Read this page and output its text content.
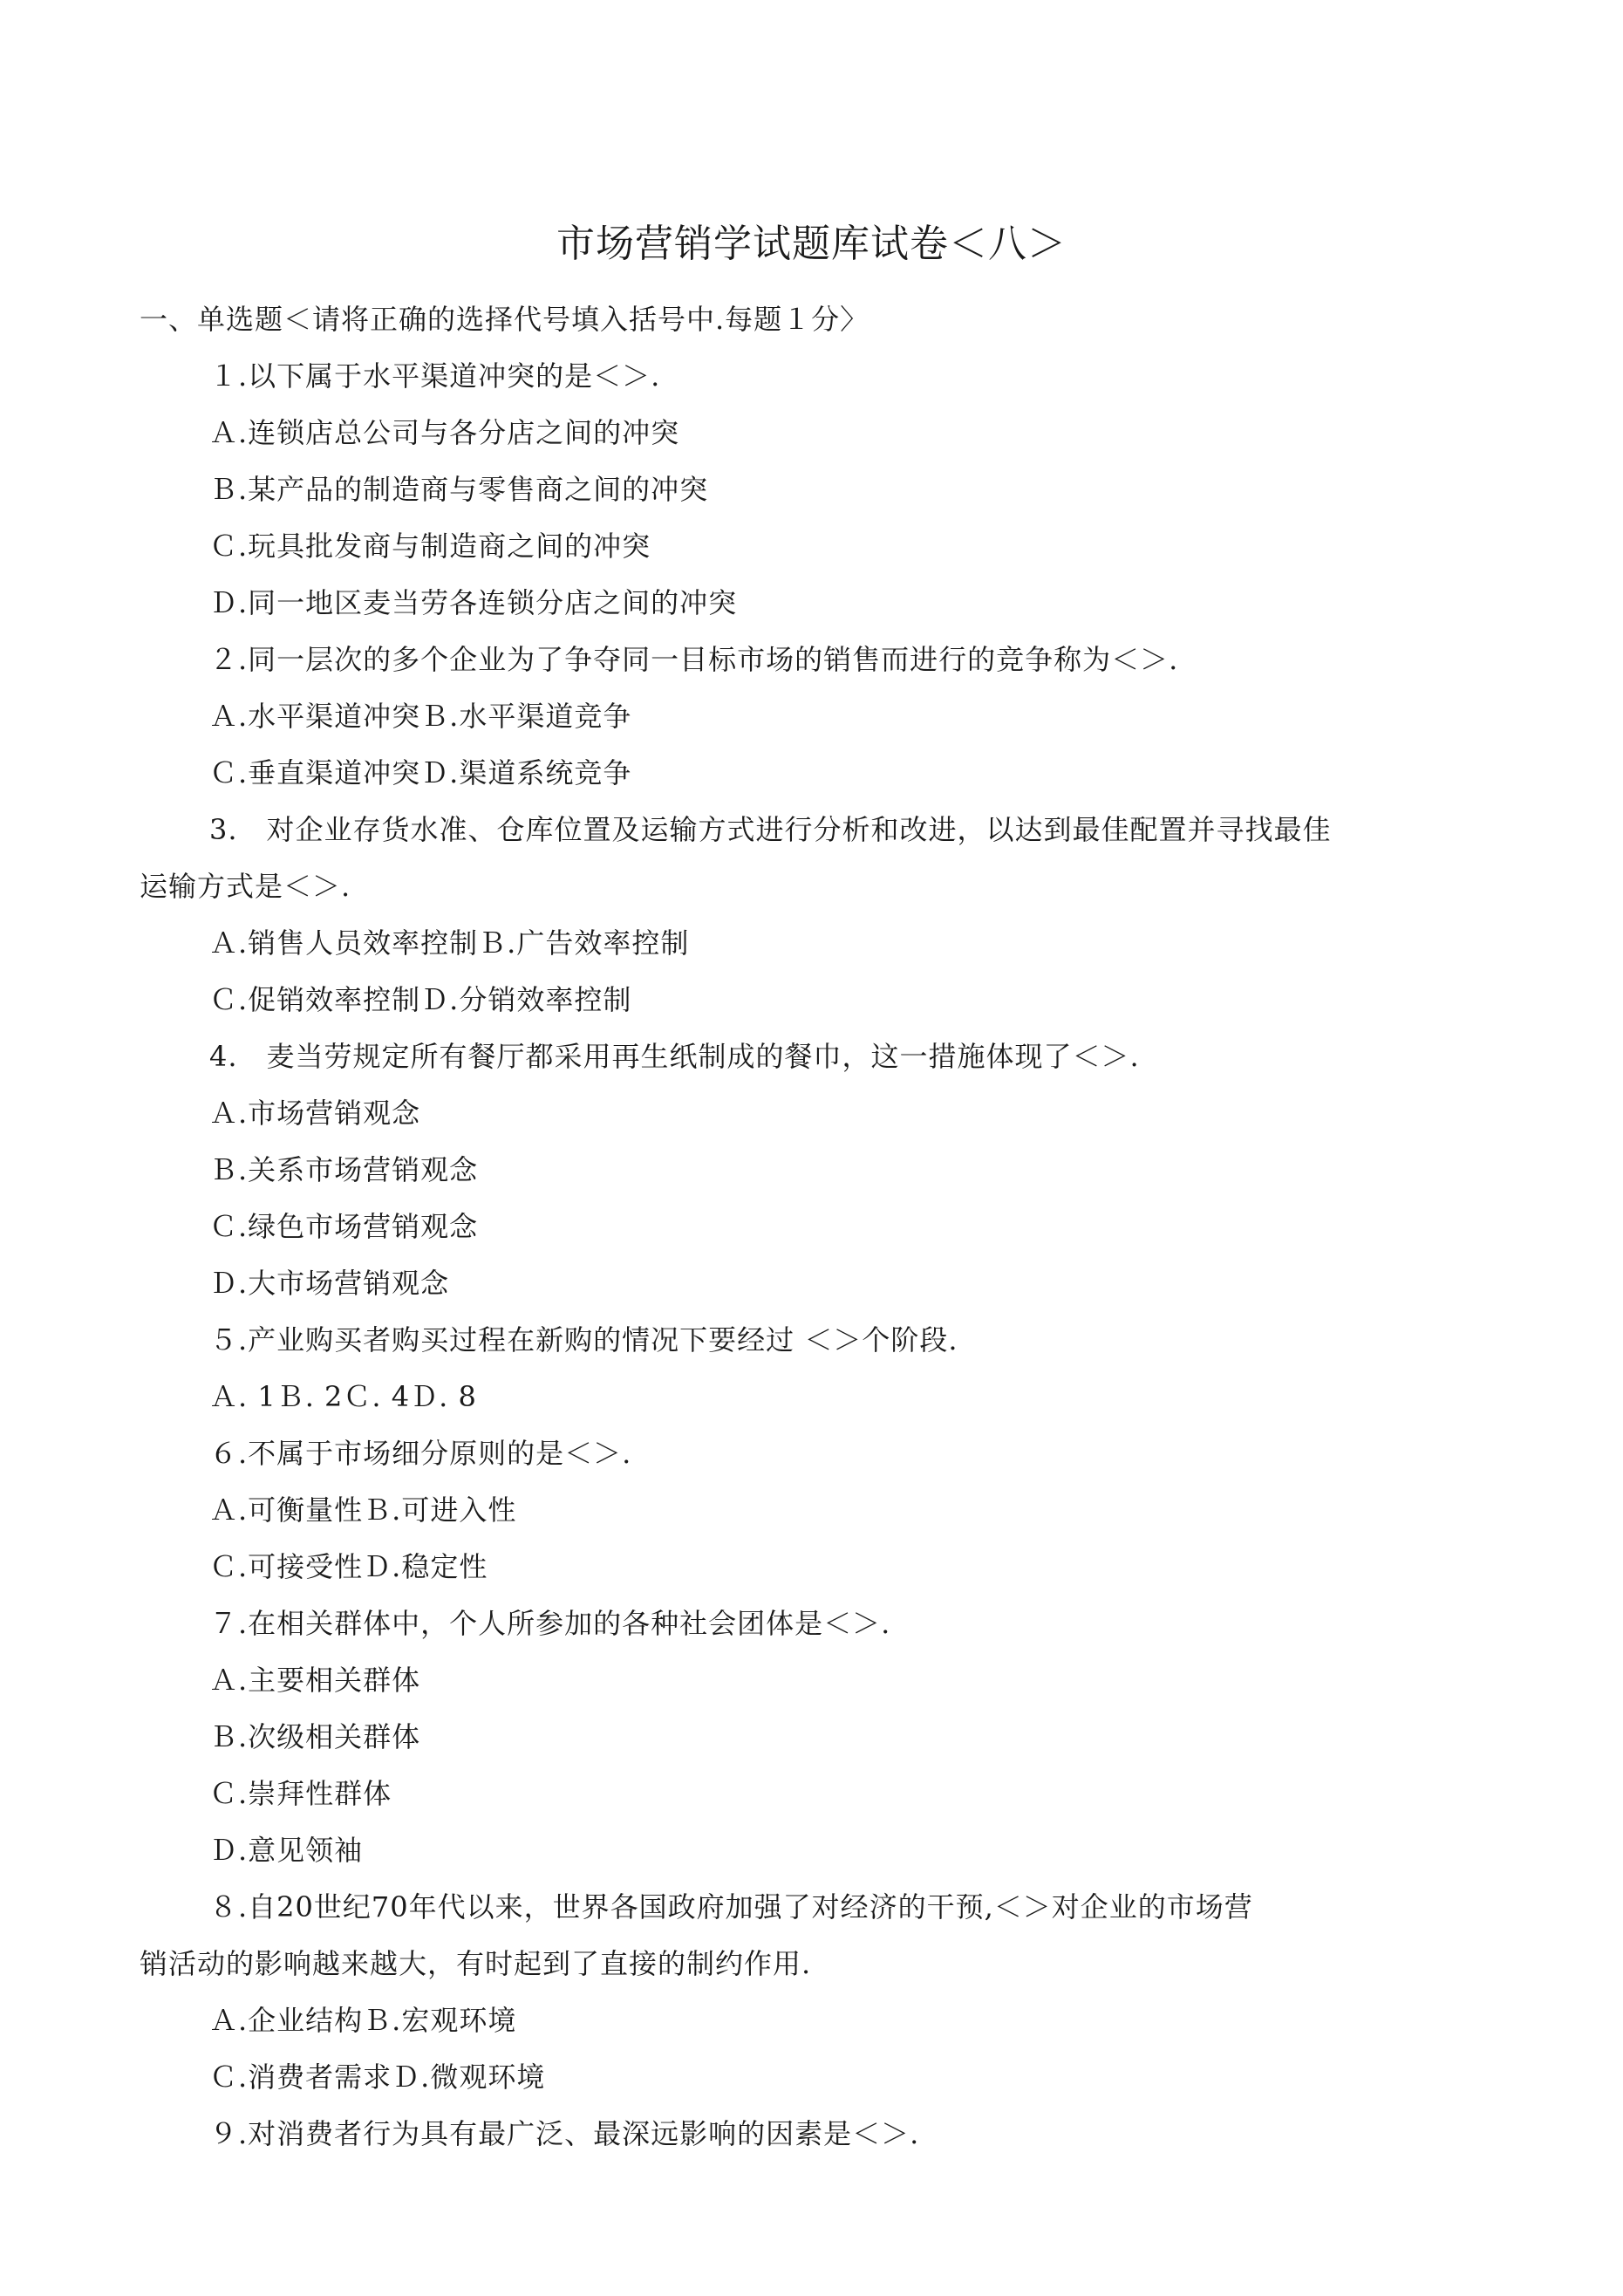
市场营销学试题库试卷＜八＞
一、单选题＜请将正确的选择代号填入括号中.每题１分〉
１.以下属于水平渠道冲突的是＜＞.
Ａ.连锁店总公司与各分店之间的冲突
Ｂ.某产品的制造商与零售商之间的冲突
Ｃ.玩具批发商与制造商之间的冲突
Ｄ.同一地区麦当劳各连锁分店之间的冲突
２.同一层次的多个企业为了争夺同一目标市场的销售而进行的竞争称为＜＞.
Ａ.水平渠道冲突Ｂ.水平渠道竞争
Ｃ.垂直渠道冲突Ｄ.渠道系统竞争
3.　对企业存货水准、仓库位置及运输方式进行分析和改进，以达到最佳配置并寻找最佳
运输方式是＜＞.
Ａ.销售人员效率控制Ｂ.广告效率控制
Ｃ.促销效率控制Ｄ.分销效率控制
4.　麦当劳规定所有餐厅都采用再生纸制成的餐巾，这一措施体现了＜＞.
Ａ.市场营销观念
Ｂ.关系市场营销观念
Ｃ.绿色市场营销观念
Ｄ.大市场营销观念
５.产业购买者购买过程在新购的情况下要经过 ＜＞个阶段.
Ａ. 1Ｂ. 2Ｃ. 4Ｄ. 8
６.不属于市场细分原则的是＜＞.
Ａ.可衡量性Ｂ.可进入性
Ｃ.可接受性Ｄ.稳定性
７.在相关群体中，个人所参加的各种社会团体是＜＞.
Ａ.主要相关群体
Ｂ.次级相关群体
Ｃ.崇拜性群体
Ｄ.意见领袖
８.自20世纪70年代以来，世界各国政府加强了对经济的干预,＜＞对企业的市场营
销活动的影响越来越大，有时起到了直接的制约作用.
Ａ.企业结构Ｂ.宏观环境
Ｃ.消费者需求Ｄ.微观环境
９.对消费者行为具有最广泛、最深远影响的因素是＜＞.
